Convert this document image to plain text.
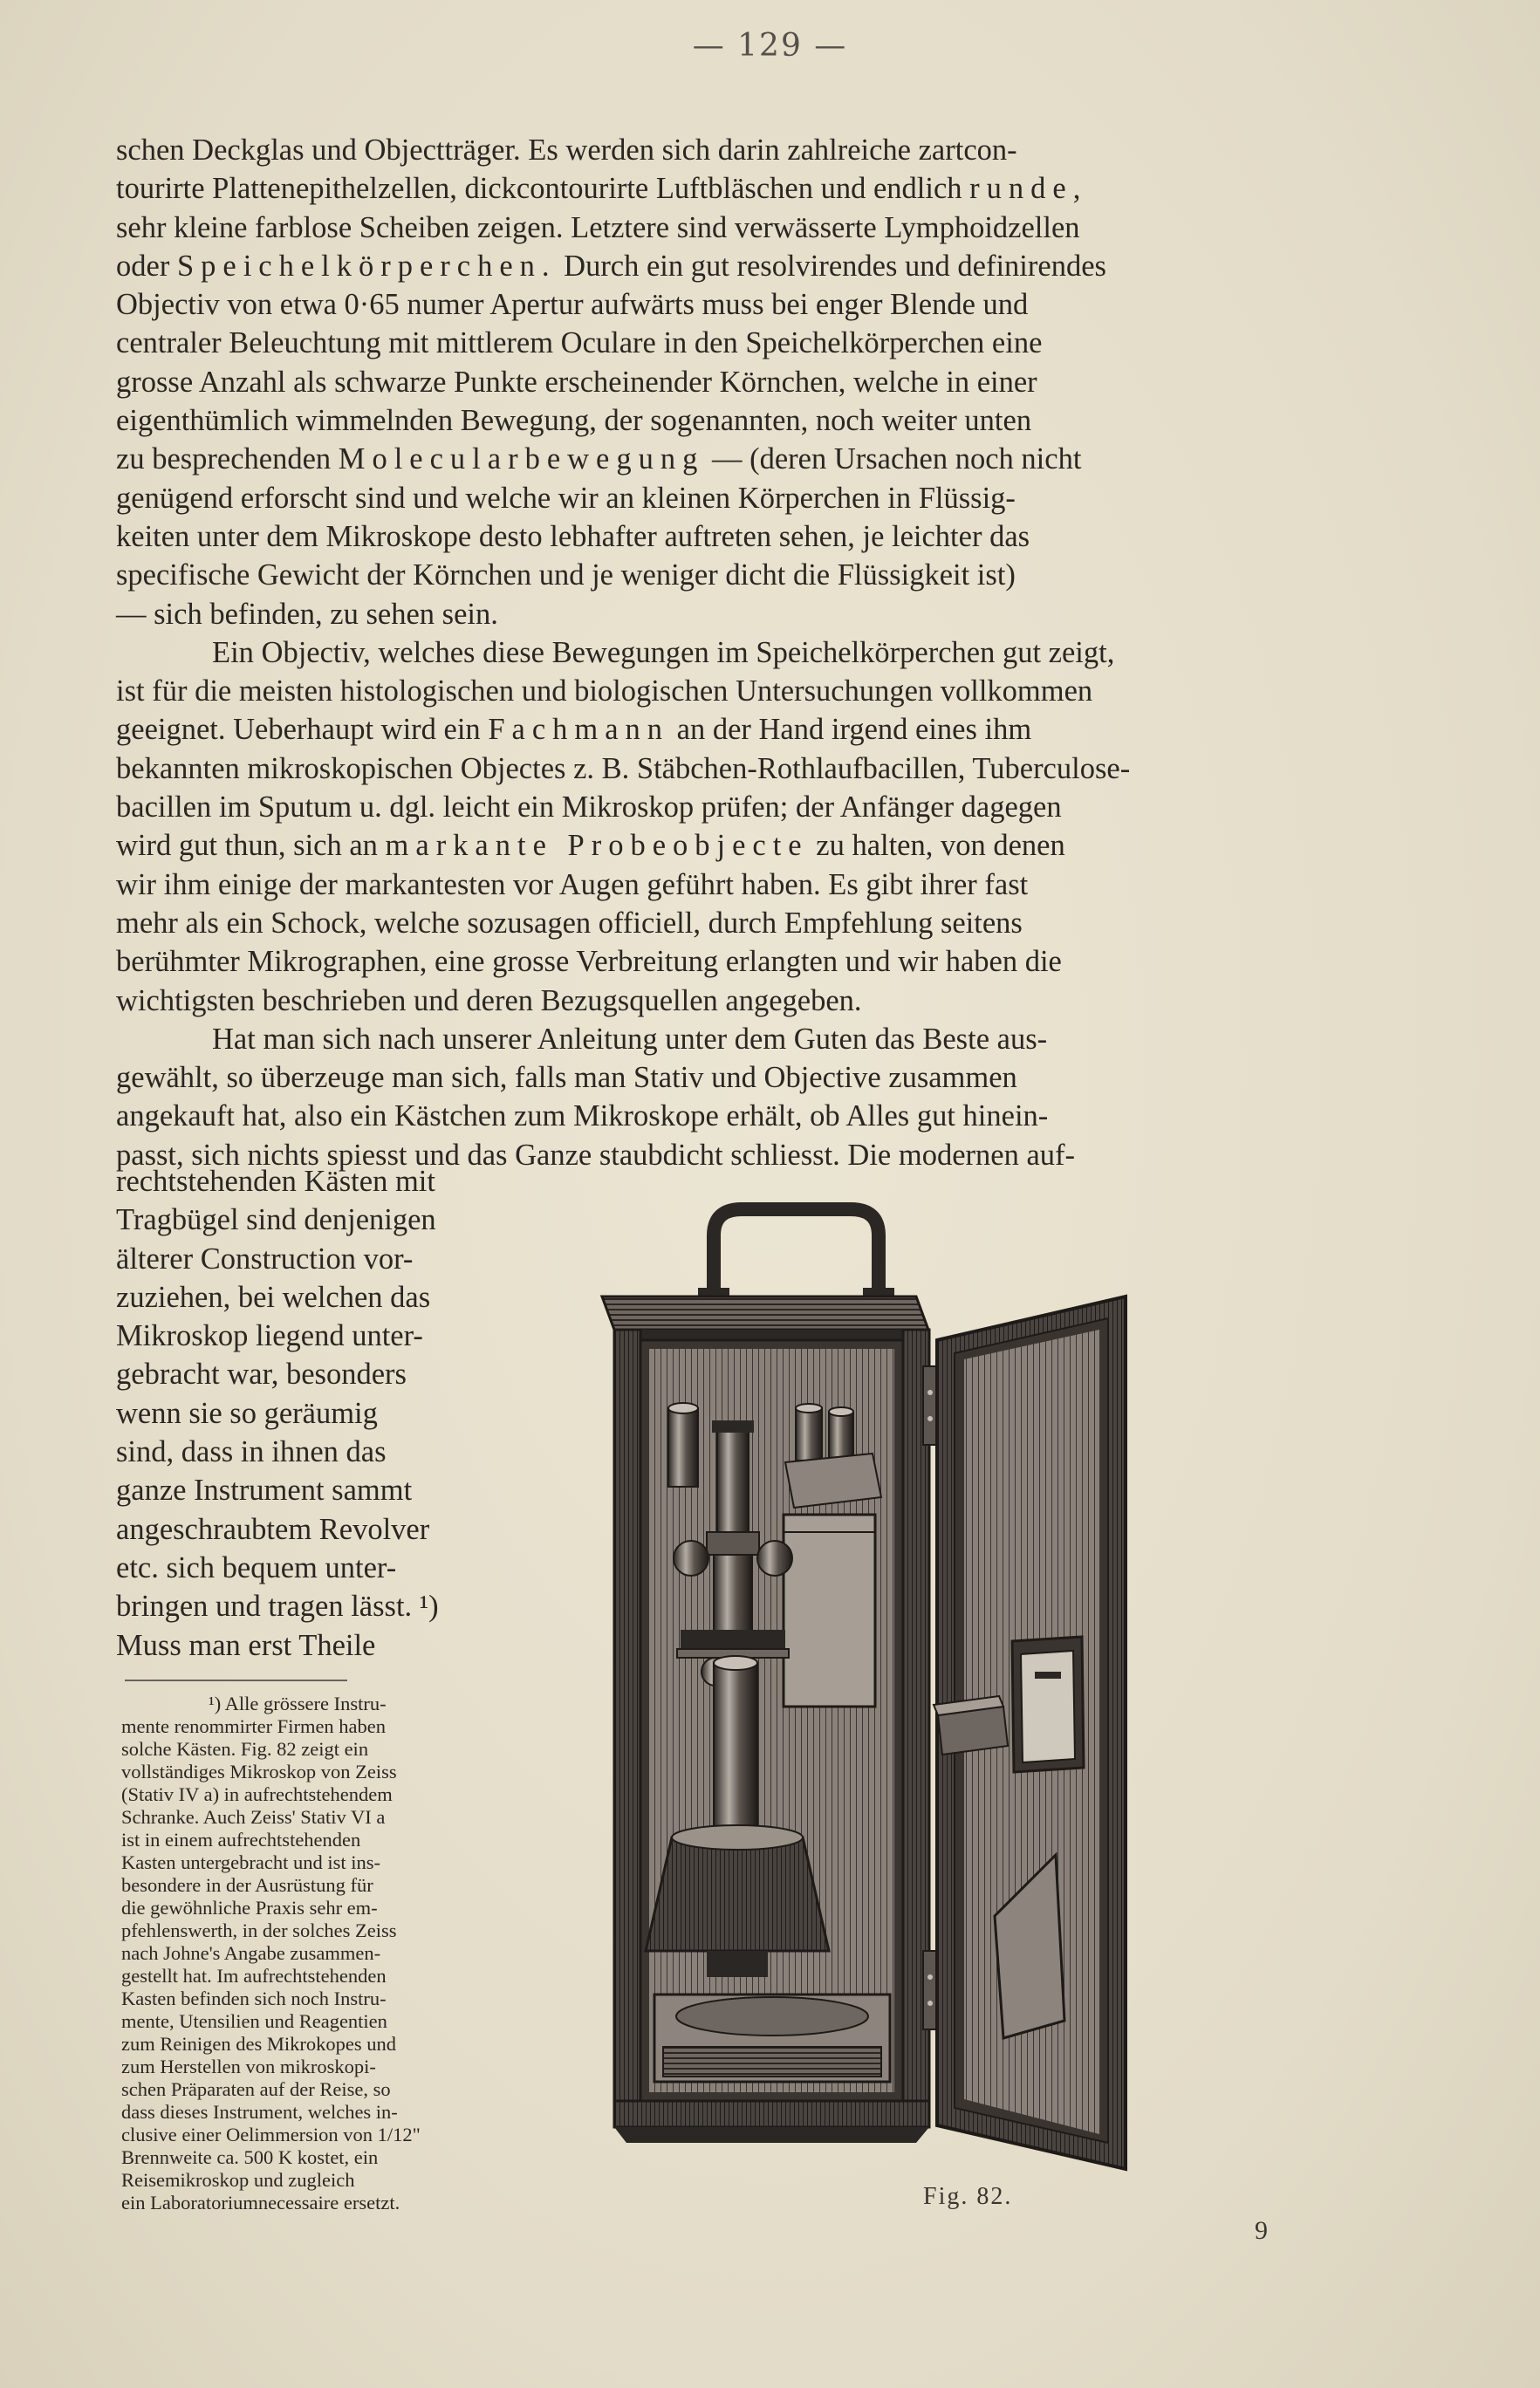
— 129 —

schen Deckglas und Objectträger. Es werden sich darin zahlreiche zartcon-
tourirte Plattenepithelzellen, dickcontourirte Luftbläschen und endlich runde,
sehr kleine farblose Scheiben zeigen. Letztere sind verwässerte Lymphoidzellen
oder Speichelkörperchen. Durch ein gut resolvirendes und definirendes
Objectiv von etwa 0·65 numer Apertur aufwärts muss bei enger Blende und
centraler Beleuchtung mit mittlerem Oculare in den Speichelkörperchen eine
grosse Anzahl als schwarze Punkte erscheinender Körnchen, welche in einer
eigenthümlich wimmelnden Bewegung, der sogenannten, noch weiter unten
zu besprechenden Molecularbewegung — (deren Ursachen noch nicht
genügend erforscht sind und welche wir an kleinen Körperchen in Flüssig-
keiten unter dem Mikroskope desto lebhafter auftreten sehen, je leichter das
specifische Gewicht der Körnchen und je weniger dicht die Flüssigkeit ist)
— sich befinden, zu sehen sein.

Ein Objectiv, welches diese Bewegungen im Speichelkörperchen gut zeigt,
ist für die meisten histologischen und biologischen Untersuchungen vollkommen
geeignet. Ueberhaupt wird ein Fachmann an der Hand irgend eines ihm
bekannten mikroskopischen Objectes z. B. Stäbchen-Rothlaufbacillen, Tuberculose-
bacillen im Sputum u. dgl. leicht ein Mikroskop prüfen; der Anfänger dagegen
wird gut thun, sich an markante Probeobjecte zu halten, von denen
wir ihm einige der markantesten vor Augen geführt haben. Es gibt ihrer fast
mehr als ein Schock, welche sozusagen officiell, durch Empfehlung seitens
berühmter Mikrographen, eine grosse Verbreitung erlangten und wir haben die
wichtigsten beschrieben und deren Bezugsquellen angegeben.

Hat man sich nach unserer Anleitung unter dem Guten das Beste aus-
gewählt, so überzeuge man sich, falls man Stativ und Objective zusammen
angekauft hat, also ein Kästchen zum Mikroskope erhält, ob Alles gut hinein-
passt, sich nichts spiesst und das Ganze staubdicht schliesst. Die modernen auf-

rechtstehenden Kästen mit
Tragbügel sind denjenigen
älterer Construction vor-
zuziehen, bei welchen das
Mikroskop liegend unter-
gebracht war, besonders
wenn sie so geräumig
sind, dass in ihnen das
ganze Instrument sammt
angeschraubtem Revolver
etc. sich bequem unter-
bringen und tragen lässt. ¹)
Muss man erst Theile

¹) Alle grössere Instru-
mente renommirter Firmen haben
solche Kästen. Fig. 82 zeigt ein
vollständiges Mikroskop von Zeiss
(Stativ IV a) in aufrechtstehendem
Schranke. Auch Zeiss' Stativ VI a
ist in einem aufrechtstehenden
Kasten untergebracht und ist ins-
besondere in der Ausrüstung für
die gewöhnliche Praxis sehr em-
pfehlenswerth, in der solches Zeiss
nach Johne's Angabe zusammen-
gestellt hat. Im aufrechtstehenden
Kasten befinden sich noch Instru-
mente, Utensilien und Reagentien
zum Reinigen des Mikrokopes und
zum Herstellen von mikroskopi-
schen Präparaten auf der Reise, so
dass dieses Instrument, welches in-
clusive einer Oelimmersion von 1/12"
Brennweite ca. 500 K kostet, ein
Reisemikroskop und zugleich
ein Laboratoriumnecessaire ersetzt.	Fig. 82.
9
